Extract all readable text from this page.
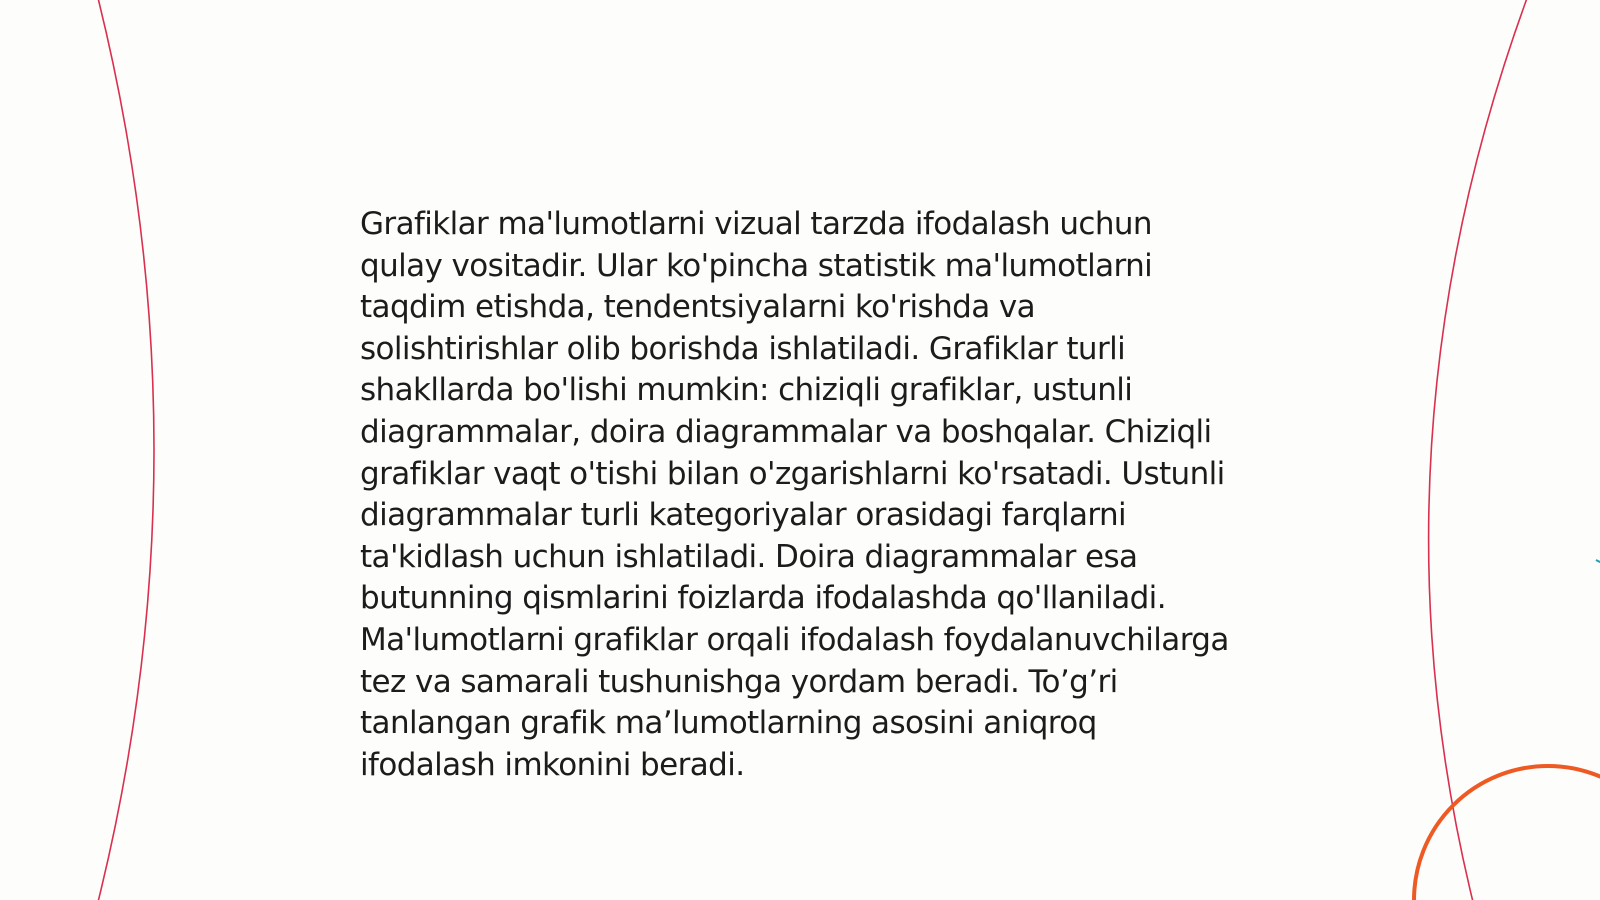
Grafiklar ma'lumotlarni vizual tarzda ifodalash uchun qulay vositadir. Ular ko'pincha statistik ma'lumotlarni taqdim etishda, tendentsiyalarni ko'rishda va solishtirishlar olib borishda ishlatiladi. Grafiklar turli shakllarda bo'lishi mumkin: chiziqli grafiklar, ustunli diagrammalar, doira diagrammalar va boshqalar. Chiziqli grafiklar vaqt o'tishi bilan o'zgarishlarni ko'rsatadi. Ustunli diagrammalar turli kategoriyalar orasidagi farqlarni ta'kidlash uchun ishlatiladi. Doira diagrammalar esa butunning qismlarini foizlarda ifodalashda qo'llaniladi. Ma'lumotlarni grafiklar orqali ifodalash foydalanuvchilarga tez va samarali tushunishga yordam beradi. To’g’ri tanlangan grafik ma’lumotlarning asosini aniqroq ifodalash imkonini beradi.
